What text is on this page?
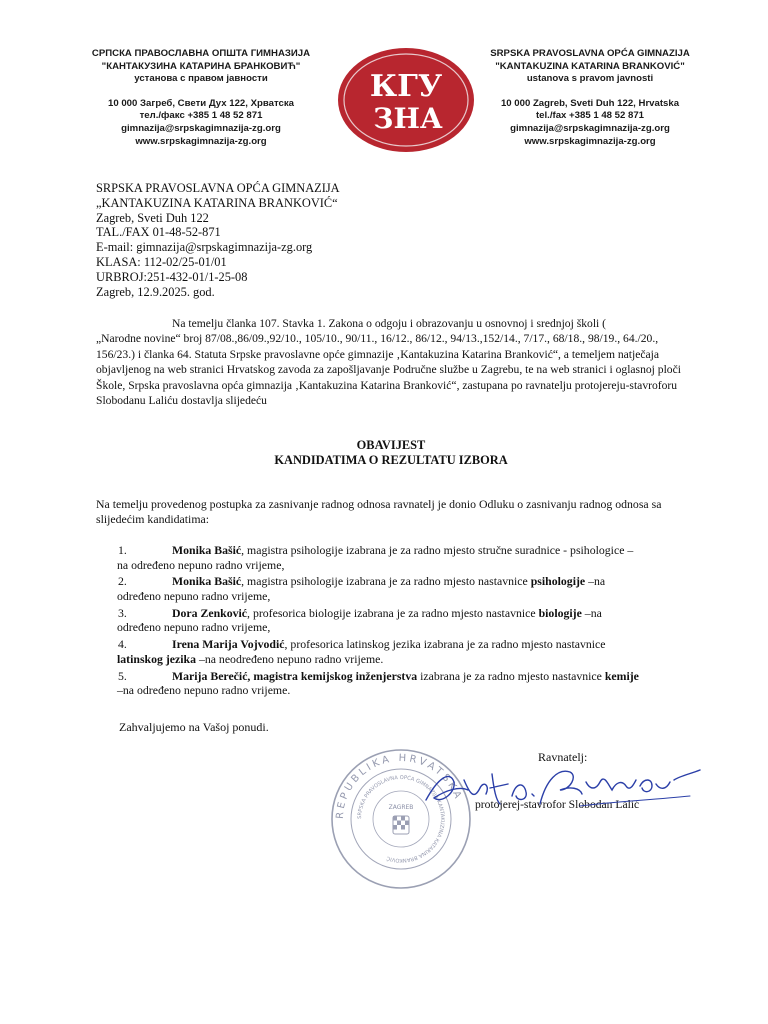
СРПСКА ПРАВОСЛАВНА ОПШТА ГИМНАЗИЈА
"КАНТАКУЗИНА КАТАРИНА БРАНКОВИЋ"
установа с правом јавности
10 000 Загреб, Свети Дух 122, Хрватска
тел./факс +385 1 48 52 871
gimnazija@srpskagimnazija-zg.org
www.srpskagimnazija-zg.org
КГУ
ЗНА
SRPSKA PRAVOSLAVNA OPĆA GIMNAZIJA
"KANTAKUZINA KATARINA BRANKOVIĆ"
ustanova s pravom javnosti
10 000 Zagreb, Sveti Duh 122, Hrvatska
tel./fax +385 1 48 52 871
gimnazija@srpskagimnazija-zg.org
www.srpskagimnazija-zg.org
SRPSKA PRAVOSLAVNA OPĆA GIMNAZIJA
„KANTAKUZINA KATARINA BRANKOVIĆ“
Zagreb, Sveti Duh 122
TAL./FAX 01-48-52-871
E-mail: gimnazija@srpskagimnazija-zg.org
KLASA: 112-02/25-01/01
URBROJ:251-432-01/1-25-08
Zagreb, 12.9.2025. god.
Na temelju članka 107. Stavka 1. Zakona o odgoju i obrazovanju u osnovnoj i srednjoj školi (
„Narodne novine“ broj 87/08.,86/09.,92/10., 105/10., 90/11., 16/12., 86/12., 94/13.,152/14., 7/17., 68/18., 98/19., 64./20., 156/23.) i članka 64. Statuta Srpske pravoslavne opće gimnazije ‚Kantakuzina Katarina Branković“, a temeljem natječaja objavljenog na web stranici Hrvatskog zavoda za zapošljavanje Područne službe u Zagrebu, te na web stranici i oglasnoj ploči Škole, Srpska pravoslavna opća gimnazija ‚Kantakuzina Katarina Branković“, zastupana po ravnatelju protojereju-stavroforu Slobodanu Laliću dostavlja slijedeću
OBAVIJEST
KANDIDATIMA O REZULTATU IZBORA
Na temelju provedenog postupka za zasnivanje radnog odnosa ravnatelj je donio Odluku o zasnivanju radnog odnosa sa slijedećim kandidatima:
1.	Monika Bašić, magistra psihologije izabrana je za radno mjesto stručne suradnice - psihologice –
na određeno nepuno radno vrijeme,
2.	Monika Bašić, magistra psihologije izabrana je za radno mjesto nastavnice psihologije –na
određeno nepuno radno vrijeme,
3.	Dora Zenković, profesorica biologije izabrana je za radno mjesto nastavnice biologije –na
određeno nepuno radno vrijeme,
4.	Irena Marija Vojvodić, profesorica latinskog jezika izabrana je za radno mjesto nastavnice
latinskog jezika –na neodređeno nepuno radno vrijeme.
5.	Marija Berečić, magistra kemijskog inženjerstva izabrana je za radno mjesto nastavnice kemije
–na određeno nepuno radno vrijeme.
Zahvaljujemo na Vašoj ponudi.
REPUBLIKA HRVATSKA
SRPSKA PRAVOSLAVNA OPĆA GIMNAZIJA KANTAKUZINA KATARINA BRANKOVIĆ
ZAGREB
Ravnatelj:
protojerej-stavrofor Slobodan Lalić
